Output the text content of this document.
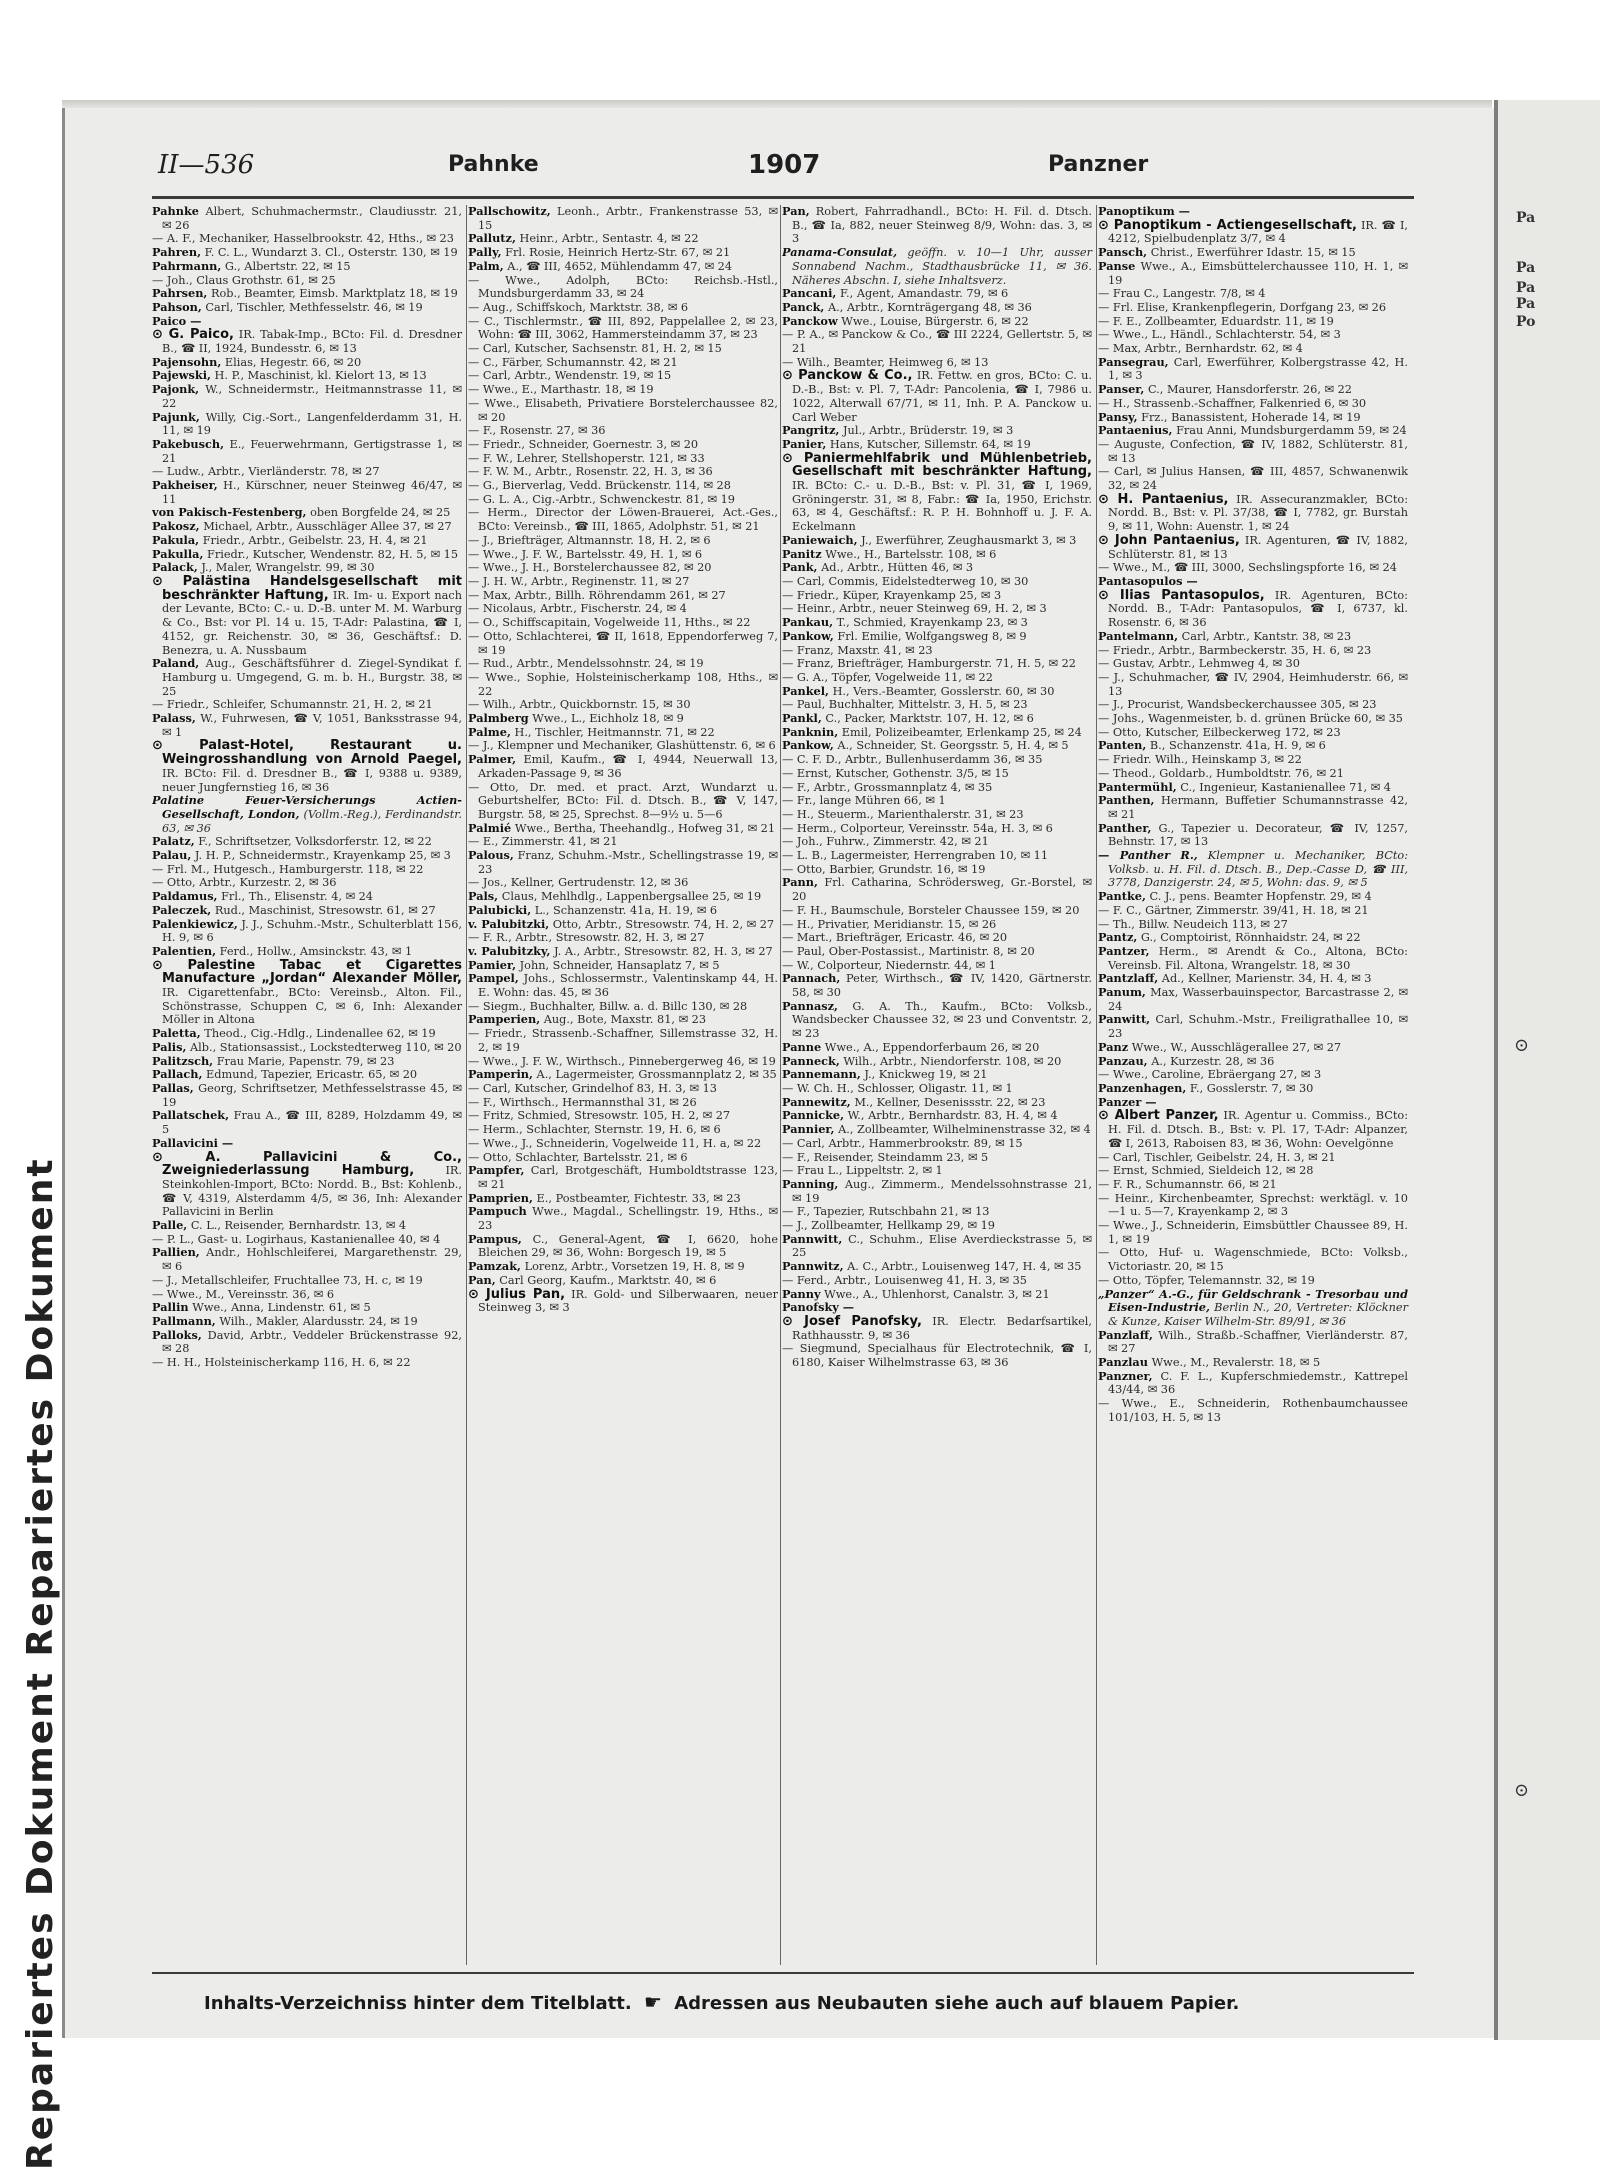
Repariertes Dokument Repariertes Dokument
Pa
Pa
Pa
Pa
Po
⊙
⊙
II—536	Pahnke	1907	Panzner

Pahnke Albert, Schuhmachermstr., Claudiusstr. 21, ✉ 26

— A. F., Mechaniker, Hasselbrookstr. 42, Hths., ✉ 23

Pahren, F. C. L., Wundarzt 3. Cl., Osterstr. 130, ✉ 19

Pahrmann, G., Albertstr. 22, ✉ 15

— Joh., Claus Grothstr. 61, ✉ 25

Pahrsen, Rob., Beamter, Eimsb. Marktplatz 18, ✉ 19

Pahson, Carl, Tischler, Methfesselstr. 46, ✉ 19

Paico —

⊙ G. Paico, IR. Tabak-Imp., BCto: Fil. d. Dresdner B., ☎ II, 1924, Bundesstr. 6, ✉ 13

Pajensohn, Elias, Hegestr. 66, ✉ 20

Pajewski, H. P., Maschinist, kl. Kielort 13, ✉ 13

Pajonk, W., Schneidermstr., Heitmannstrasse 11, ✉ 22

Pajunk, Willy, Cig.-Sort., Langenfelderdamm 31, H. 11, ✉ 19

Pakebusch, E., Feuerwehrmann, Gertigstrasse 1, ✉ 21

— Ludw., Arbtr., Vierländerstr. 78, ✉ 27

Pakheiser, H., Kürschner, neuer Steinweg 46/47, ✉ 11

von Pakisch-Festenberg, oben Borgfelde 24, ✉ 25

Pakosz, Michael, Arbtr., Ausschläger Allee 37, ✉ 27

Pakula, Friedr., Arbtr., Geibelstr. 23, H. 4, ✉ 21

Pakulla, Friedr., Kutscher, Wendenstr. 82, H. 5, ✉ 15

Palack, J., Maler, Wrangelstr. 99, ✉ 30

⊙ Palästina Handelsgesellschaft mit beschränkter Haftung, IR. Im- u. Export nach der Levante, BCto: C.- u. D.-B. unter M. M. Warburg & Co., Bst: vor Pl. 14 u. 15, T-Adr: Palastina, ☎ I, 4152, gr. Reichenstr. 30, ✉ 36, Geschäftsf.: D. Benezra, u. A. Nussbaum

Paland, Aug., Geschäftsführer d. Ziegel-Syndikat f. Hamburg u. Umgegend, G. m. b. H., Burgstr. 38, ✉ 25

— Friedr., Schleifer, Schumannstr. 21, H. 2, ✉ 21

Palass, W., Fuhrwesen, ☎ V, 1051, Banksstrasse 94, ✉ 1

⊙ Palast-Hotel, Restaurant u. Weingrosshandlung von Arnold Paegel, IR. BCto: Fil. d. Dresdner B., ☎ I, 9388 u. 9389, neuer Jungfernstieg 16, ✉ 36

Palatine Feuer-Versicherungs Actien-Gesellschaft, London, (Vollm.-Reg.), Ferdinandstr. 63, ✉ 36

Palatz, F., Schriftsetzer, Volksdorferstr. 12, ✉ 22

Palau, J. H. P., Schneidermstr., Krayenkamp 25, ✉ 3

— Frl. M., Hutgesch., Hamburgerstr. 118, ✉ 22

— Otto, Arbtr., Kurzestr. 2, ✉ 36

Paldamus, Frl., Th., Elisenstr. 4, ✉ 24

Paleczek, Rud., Maschinist, Stresowstr. 61, ✉ 27

Palenkiewicz, J. J., Schuhm.-Mstr., Schulterblatt 156, H. 9, ✉ 6

Palentien, Ferd., Hollw., Amsinckstr. 43, ✉ 1

⊙ Palestine Tabac et Cigarettes Manufacture „Jordan“ Alexander Möller, IR. Cigarettenfabr., BCto: Vereinsb., Alton. Fil., Schönstrasse, Schuppen C, ✉ 6, Inh: Alexander Möller in Altona

Paletta, Theod., Cig.-Hdlg., Lindenallee 62, ✉ 19

Palis, Alb., Stationsassist., Lockstedterweg 110, ✉ 20

Palitzsch, Frau Marie, Papenstr. 79, ✉ 23

Pallach, Edmund, Tapezier, Ericastr. 65, ✉ 20

Pallas, Georg, Schriftsetzer, Methfesselstrasse 45, ✉ 19

Pallatschek, Frau A., ☎ III, 8289, Holzdamm 49, ✉ 5

Pallavicini —

⊙ A. Pallavicini & Co., Zweigniederlassung Hamburg,	IR. Steinkohlen-Import, BCto: Nordd. B., Bst: Kohlenb., ☎ V, 4319, Alsterdamm 4/5, ✉ 36, Inh: Alexander Pallavicini in Berlin

Palle, C. L., Reisender, Bernhardstr. 13, ✉ 4

— P. L., Gast- u. Logirhaus, Kastanienallee 40, ✉ 4

Pallien, Andr., Hohlschleiferei, Margarethenstr. 29, ✉ 6

— J., Metallschleifer, Fruchtallee 73, H. c, ✉ 19

— Wwe., M., Vereinsstr. 36, ✉ 6

Pallin Wwe., Anna, Lindenstr. 61, ✉ 5

Pallmann, Wilh., Makler, Alardusstr. 24, ✉ 19

Palloks, David, Arbtr., Veddeler Brückenstrasse 92, ✉ 28

— H. H., Holsteinischerkamp 116, H. 6, ✉ 22

Pallschowitz, Leonh., Arbtr., Frankenstrasse 53, ✉ 15

Pallutz, Heinr., Arbtr., Sentastr. 4, ✉ 22

Pally, Frl. Rosie, Heinrich Hertz-Str. 67, ✉ 21

Palm, A., ☎ III, 4652, Mühlendamm 47, ✉ 24

— Wwe., Adolph, BCto: Reichsb.-Hstl., Mundsburgerdamm 33, ✉ 24

— Aug., Schiffskoch, Marktstr. 38, ✉ 6

— C., Tischlermstr., ☎ III, 892, Pappelallee 2, ✉ 23, Wohn: ☎ III, 3062, Hammersteindamm 37, ✉ 23

— Carl, Kutscher, Sachsenstr. 81, H. 2, ✉ 15

— C., Färber, Schumannstr. 42, ✉ 21

— Carl, Arbtr., Wendenstr. 19, ✉ 15

— Wwe., E., Marthastr. 18, ✉ 19

— Wwe., Elisabeth, Privatiere Borstelerchaussee 82, ✉ 20

— F., Rosenstr. 27, ✉ 36

— Friedr., Schneider, Goernestr. 3, ✉ 20

— F. W., Lehrer, Stellshoperstr. 121, ✉ 33

— F. W. M., Arbtr., Rosenstr. 22, H. 3, ✉ 36

— G., Bierverlag, Vedd. Brückenstr. 114, ✉ 28

— G. L. A., Cig.-Arbtr., Schwenckestr. 81, ✉ 19

— Herm., Director der Löwen-Brauerei, Act.-Ges., BCto: Vereinsb., ☎ III, 1865, Adolphstr. 51, ✉ 21

— J., Briefträger, Altmannstr. 18, H. 2, ✉ 6

— Wwe., J. F. W., Bartelsstr. 49, H. 1, ✉ 6

— Wwe., J. H., Borstelerchaussee 82, ✉ 20

— J. H. W., Arbtr., Reginenstr. 11, ✉ 27

— Max, Arbtr., Billh. Röhrendamm 261, ✉ 27

— Nicolaus, Arbtr., Fischerstr. 24, ✉ 4

— O., Schiffscapitain, Vogelweide 11, Hths., ✉ 22

— Otto, Schlachterei, ☎ II, 1618, Eppendorferweg 7, ✉ 19

— Rud., Arbtr., Mendelssohnstr. 24, ✉ 19

— Wwe., Sophie, Holsteinischerkamp 108, Hths., ✉ 22

— Wilh., Arbtr., Quickbornstr. 15, ✉ 30

Palmberg Wwe., L., Eichholz 18, ✉ 9

Palme, H., Tischler, Heitmannstr. 71, ✉ 22

— J., Klempner und Mechaniker, Glashüttenstr. 6, ✉ 6

Palmer, Emil, Kaufm., ☎ I, 4944, Neuerwall 13, Arkaden-Passage 9, ✉ 36

— Otto, Dr. med. et pract. Arzt, Wundarzt u. Geburtshelfer, BCto: Fil. d. Dtsch. B., ☎ V, 147, Burgstr. 58, ✉ 25, Sprechst. 8—9½ u. 5—6

Palmié Wwe., Bertha, Theehandlg., Hofweg 31, ✉ 21

— E., Zimmerstr. 41, ✉ 21

Palous, Franz, Schuhm.-Mstr., Schellingstrasse 19, ✉ 23

— Jos., Kellner, Gertrudenstr. 12, ✉ 36

Pals, Claus, Mehlhdlg., Lappenbergsallee 25, ✉ 19

Palubicki, L., Schanzenstr. 41a, H. 19, ✉ 6

v. Palubitzki, Otto, Arbtr., Stresowstr. 74, H. 2, ✉ 27

— F. R., Arbtr., Stresowstr. 82, H. 3, ✉ 27

v. Palubitzky, J. A., Arbtr., Stresowstr. 82, H. 3, ✉ 27

Pamier, John, Schneider, Hansaplatz 7, ✉ 5

Pampel, Johs., Schlossermstr., Valentinskamp 44, H. E. Wohn: das. 45, ✉ 36

— Siegm., Buchhalter, Billw. a. d. Billc 130, ✉ 28

Pamperien, Aug., Bote, Maxstr. 81, ✉ 23

— Friedr., Strassenb.-Schaffner, Sillemstrasse 32, H. 2, ✉ 19

— Wwe., J. F. W., Wirthsch., Pinnebergerweg 46, ✉ 19

Pamperin, A., Lagermeister, Grossmannplatz 2, ✉ 35

— Carl, Kutscher, Grindelhof 83, H. 3, ✉ 13

— F., Wirthsch., Hermannsthal 31, ✉ 26

— Fritz, Schmied, Stresowstr. 105, H. 2, ✉ 27

— Herm., Schlachter, Sternstr. 19, H. 6, ✉ 6

— Wwe., J., Schneiderin, Vogelweide 11, H. a, ✉ 22

— Otto, Schlachter, Bartelsstr. 21, ✉ 6

Pampfer, Carl, Brotgeschäft, Humboldtstrasse 123, ✉ 21

Pamprien, E., Postbeamter, Fichtestr. 33, ✉ 23

Pampuch Wwe., Magdal., Schellingstr. 19, Hths., ✉ 23

Pampus, C., General-Agent, ☎ I, 6620, hohe Bleichen 29, ✉ 36, Wohn: Borgesch 19, ✉ 5

Pamzak, Lorenz, Arbtr., Vorsetzen 19, H. 8, ✉ 9

Pan, Carl Georg, Kaufm., Marktstr. 40, ✉ 6

⊙ Julius Pan, IR. Gold- und Silberwaaren, neuer Steinweg 3, ✉ 3

Pan, Robert, Fahrradhandl., BCto: H. Fil. d. Dtsch. B., ☎ Ia, 882, neuer Steinweg 8/9, Wohn: das. 3, ✉ 3

Panama-Consulat, geöffn. v. 10—1 Uhr, ausser Sonnabend Nachm., Stadthausbrücke 11, ✉ 36. Näheres Abschn. I, siehe Inhaltsverz.

Pancani, F., Agent, Amandastr. 79, ✉ 6

Panck, A., Arbtr., Kornträgergang 48, ✉ 36

Panckow Wwe., Louise, Bürgerstr. 6, ✉ 22

— P. A., ✉ Panckow & Co., ☎ III 2224, Gellertstr. 5, ✉ 21

— Wilh., Beamter, Heimweg 6, ✉ 13

⊙ Panckow & Co., IR. Fettw. en gros, BCto: C. u. D.-B., Bst: v. Pl. 7, T-Adr: Pancolenia, ☎ I, 7986 u. 1022, Alterwall 67/71, ✉ 11, Inh. P. A. Panckow u. Carl Weber

Pangritz, Jul., Arbtr., Brüderstr. 19, ✉ 3

Panier, Hans, Kutscher, Sillemstr. 64, ✉ 19

⊙ Paniermehlfabrik und Mühlenbetrieb, Gesellschaft mit beschränkter Haftung, IR. BCto: C.- u. D.-B., Bst: v. Pl. 31, ☎ I, 1969, Gröningerstr. 31, ✉ 8, Fabr.: ☎ Ia, 1950, Erichstr. 63, ✉ 4, Geschäftsf.: R. P. H. Bohnhoff u. J. F. A. Eckelmann

Paniewaich, J., Ewerführer, Zeughausmarkt 3, ✉ 3

Panitz Wwe., H., Bartelsstr. 108, ✉ 6

Pank, Ad., Arbtr., Hütten 46, ✉ 3

— Carl, Commis, Eidelstedterweg 10, ✉ 30

— Friedr., Küper, Krayenkamp 25, ✉ 3

— Heinr., Arbtr., neuer Steinweg 69, H. 2, ✉ 3

Pankau, T., Schmied, Krayenkamp 23, ✉ 3

Pankow, Frl. Emilie, Wolfgangsweg 8, ✉ 9

— Franz, Maxstr. 41, ✉ 23

— Franz, Briefträger, Hamburgerstr. 71, H. 5, ✉ 22

— G. A., Töpfer, Vogelweide 11, ✉ 22

Pankel, H., Vers.-Beamter, Gosslerstr. 60, ✉ 30

— Paul, Buchhalter, Mittelstr. 3, H. 5, ✉ 23

Pankl, C., Packer, Marktstr. 107, H. 12, ✉ 6

Panknin, Emil, Polizeibeamter, Erlenkamp 25, ✉ 24

Pankow, A., Schneider, St. Georgsstr. 5, H. 4, ✉ 5

— C. F. D., Arbtr., Bullenhuserdamm 36, ✉ 35

— Ernst, Kutscher, Gothenstr. 3/5, ✉ 15

— F., Arbtr., Grossmannplatz 4, ✉ 35

— Fr., lange Mühren 66, ✉ 1

— H., Steuerm., Marienthalerstr. 31, ✉ 23

— Herm., Colporteur, Vereinsstr. 54a, H. 3, ✉ 6

— Joh., Fuhrw., Zimmerstr. 42, ✉ 21

— L. B., Lagermeister, Herrengraben 10, ✉ 11

— Otto, Barbier, Grundstr. 16, ✉ 19

Pann, Frl. Catharina, Schrödersweg, Gr.-Borstel, ✉ 20

— F. H., Baumschule, Borsteler Chaussee 159, ✉ 20

— H., Privatier, Meridianstr. 15, ✉ 26

— Mart., Briefträger, Ericastr. 46, ✉ 20

— Paul, Ober-Postassist., Martinistr. 8, ✉ 20

— W., Colporteur, Niedernstr. 44, ✉ 1

Pannach, Peter, Wirthsch., ☎ IV, 1420, Gärtnerstr. 58, ✉ 30

Pannasz, G. A. Th., Kaufm., BCto: Volksb., Wandsbecker Chaussee 32, ✉ 23 und Conventstr. 2, ✉ 23

Panne Wwe., A., Eppendorferbaum 26, ✉ 20

Panneck, Wilh., Arbtr., Niendorferstr. 108, ✉ 20

Pannemann, J., Knickweg 19, ✉ 21

— W. Ch. H., Schlosser, Oligastr. 11, ✉ 1

Pannewitz, M., Kellner, Desenissstr. 22, ✉ 23

Pannicke, W., Arbtr., Bernhardstr. 83, H. 4, ✉ 4

Pannier, A., Zollbeamter, Wilhelminenstrasse 32, ✉ 4

— Carl, Arbtr., Hammerbrookstr. 89, ✉ 15

— F., Reisender, Steindamm 23, ✉ 5

— Frau L., Lippeltstr. 2, ✉ 1

Panning, Aug., Zimmerm., Mendelssohnstrasse 21, ✉ 19

— F., Tapezier, Rutschbahn 21, ✉ 13

— J., Zollbeamter, Hellkamp 29, ✉ 19

Pannwitt, C., Schuhm., Elise Averdieckstrasse 5, ✉ 25

Pannwitz, A. C., Arbtr., Louisenweg 147, H. 4, ✉ 35

— Ferd., Arbtr., Louisenweg 41, H. 3, ✉ 35

Panny Wwe., A., Uhlenhorst, Canalstr. 3, ✉ 21

Panofsky —

⊙ Josef Panofsky, IR. Electr. Bedarfsartikel, Rathhausstr. 9, ✉ 36

— Siegmund, Specialhaus für Electrotechnik, ☎ I, 6180, Kaiser Wilhelmstrasse 63, ✉ 36

Panoptikum —

⊙ Panoptikum - Actiengesellschaft, IR. ☎ I, 4212, Spielbudenplatz 3/7, ✉ 4

Pansch, Christ., Ewerführer Idastr. 15, ✉ 15

Panse Wwe., A., Eimsbüttelerchaussee 110, H. 1, ✉ 19

— Frau C., Langestr. 7/8, ✉ 4

— Frl. Elise, Krankenpflegerin, Dorfgang 23, ✉ 26

— F. E., Zollbeamter, Eduardstr. 11, ✉ 19

— Wwe., L., Händl., Schlachterstr. 54, ✉ 3

— Max, Arbtr., Bernhardstr. 62, ✉ 4

Pansegrau, Carl, Ewerführer, Kolbergstrasse 42, H. 1, ✉ 3

Panser, C., Maurer, Hansdorferstr. 26, ✉ 22

— H., Strassenb.-Schaffner, Falkenried 6, ✉ 30

Pansy, Frz., Banassistent, Hoherade 14, ✉ 19

Pantaenius, Frau Anni, Mundsburgerdamm 59, ✉ 24

— Auguste, Confection, ☎ IV, 1882, Schlüterstr. 81, ✉ 13

— Carl, ✉ Julius Hansen, ☎ III, 4857, Schwanenwik 32, ✉ 24

⊙ H. Pantaenius, IR. Assecuranzmakler, BCto: Nordd. B., Bst: v. Pl. 37/38, ☎ I, 7782, gr. Burstah 9, ✉ 11, Wohn: Auenstr. 1, ✉ 24

⊙ John Pantaenius, IR. Agenturen, ☎ IV, 1882, Schlüterstr. 81, ✉ 13

— Wwe., M., ☎ III, 3000, Sechslingspforte 16, ✉ 24

Pantasopulos —

⊙ Ilias Pantasopulos, IR. Agenturen, BCto: Nordd. B., T-Adr: Pantasopulos, ☎ I, 6737, kl. Rosenstr. 6, ✉ 36

Pantelmann, Carl, Arbtr., Kantstr. 38, ✉ 23

— Friedr., Arbtr., Barmbeckerstr. 35, H. 6, ✉ 23

— Gustav, Arbtr., Lehmweg 4, ✉ 30

— J., Schuhmacher, ☎ IV, 2904, Heimhuderstr. 66, ✉ 13

— J., Procurist, Wandsbeckerchaussee 305, ✉ 23

— Johs., Wagenmeister, b. d. grünen Brücke 60, ✉ 35

— Otto, Kutscher, Eilbeckerweg 172, ✉ 23

Panten, B., Schanzenstr. 41a, H. 9, ✉ 6

— Friedr. Wilh., Heinskamp 3, ✉ 22

— Theod., Goldarb., Humboldtstr. 76, ✉ 21

Pantermühl, C., Ingenieur, Kastanienallee 71, ✉ 4

Panthen, Hermann, Buffetier Schumannstrasse 42, ✉ 21

Panther, G., Tapezier u. Decorateur, ☎ IV, 1257, Behnstr. 17, ✉ 13

— Panther R., Klempner u. Mechaniker, BCto: Volksb. u. H. Fil. d. Dtsch. B., Dep.-Casse D, ☎ III, 3778, Danzigerstr. 24, ✉ 5, Wohn: das. 9, ✉ 5

Pantke, C. J., pens. Beamter Hopfenstr. 29, ✉ 4

— F. C., Gärtner, Zimmerstr. 39/41, H. 18, ✉ 21

— Th., Billw. Neudeich 113, ✉ 27

Pantz, G., Comptoirist, Rönnhaidstr. 24, ✉ 22

Pantzer, Herm., ✉ Arendt & Co., Altona, BCto: Vereinsb. Fil. Altona, Wrangelstr. 18, ✉ 30

Pantzlaff, Ad., Kellner, Marienstr. 34, H. 4, ✉ 3

Panum, Max, Wasserbauinspector, Barcastrasse 2, ✉ 24

Panwitt, Carl, Schuhm.-Mstr., Freiligrathallee 10, ✉ 23

Panz Wwe., W., Ausschlägerallee 27, ✉ 27

Panzau, A., Kurzestr. 28, ✉ 36

— Wwe., Caroline, Ebräergang 27, ✉ 3

Panzenhagen, F., Gosslerstr. 7, ✉ 30

Panzer —

⊙ Albert Panzer, IR. Agentur u. Commiss., BCto: H. Fil. d. Dtsch. B., Bst: v. Pl. 17, T-Adr: Alpanzer, ☎ I, 2613, Raboisen 83, ✉ 36, Wohn: Oevelgönne

— Carl, Tischler, Geibelstr. 24, H. 3, ✉ 21

— Ernst, Schmied, Sieldeich 12, ✉ 28

— F. R., Schumannstr. 66, ✉ 21

— Heinr., Kirchenbeamter, Sprechst: werktägl. v. 10—1 u. 5—7, Krayenkamp 2, ✉ 3

— Wwe., J., Schneiderin, Eimsbüttler Chaussee 89, H. 1, ✉ 19

— Otto, Huf- u. Wagenschmiede, BCto: Volksb., Victoriastr. 20, ✉ 15

— Otto, Töpfer, Telemannstr. 32, ✉ 19

„Panzer“ A.-G., für Geldschrank - Tresorbau und Eisen-Industrie, Berlin N., 20, Vertreter: Klöckner & Kunze, Kaiser Wilhelm-Str. 89/91, ✉ 36

Panzlaff, Wilh., Straßb.-Schaffner, Vierländerstr. 87, ✉ 27

Panzlau Wwe., M., Revalerstr. 18, ✉ 5

Panzner, C. F. L., Kupferschmiedemstr., Kattrepel 43/44, ✉ 36

— Wwe., E., Schneiderin, Rothenbaumchaussee 101/103, H. 5, ✉ 13

Inhalts-Verzeichniss hinter dem Titelblatt. ☛ Adressen aus Neubauten siehe auch auf blauem Papier.
